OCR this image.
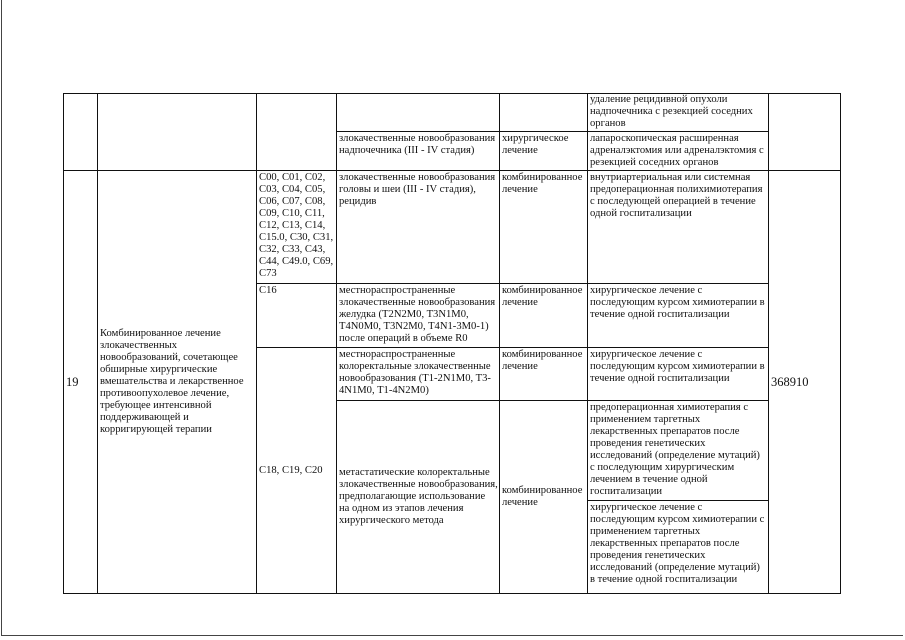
удаление рецидивной опухоли надпочечника с резекцией соседних органов
злокачественные новообразования надпочечника (III - IV стадия)
хирургическое лечение
лапароскопическая расширенная адреналэктомия или адреналэктомия с резекцией соседних органов
19
Комбинированное лечение злокачественных новообразований, сочетающее обширные хирургические вмешательства и лекарственное противоопухолевое лечение, требующее интенсивной поддерживающей и корригирующей терапии
368910
C00, C01, C02, C03, C04, C05, C06, C07, C08, C09, C10, C11, C12, C13, C14, C15.0, C30, C31, C32, C33, C43, C44, C49.0, C69, C73
злокачественные новообразования головы и шеи (III - IV стадия), рецидив
комбинированное лечение
внутриартериальная или системная предоперационная полихимиотерапия с последующей операцией в течение одной госпитализации
C16	местнораспространенные злокачественные новообразования желудка (T2N2M0, T3N1M0, T4N0M0, T3N2M0, T4N1-3M0-1) после операций в объеме R0
комбинированное лечение
хирургическое лечение с последующим курсом химиотерапии в течение одной госпитализации
C18, C19, C20
местнораспространенные колоректальные злокачественные новообразования (T1-2N1M0, T3-4N1M0, T1-4N2M0)
комбинированное лечение
хирургическое лечение с последующим курсом химиотерапии в течение одной госпитализации
метастатические колоректальные злокачественные новообразования, предполагающие использование на одном из этапов лечения хирургического метода
комбинированное лечение
предоперационная химиотерапия с применением таргетных лекарственных препаратов после проведения генетических исследований (определение мутаций) с последующим хирургическим лечением в течение одной госпитализации
хирургическое лечение с последующим курсом химиотерапии с применением таргетных лекарственных препаратов после проведения генетических исследований (определение мутаций) в течение одной госпитализации
